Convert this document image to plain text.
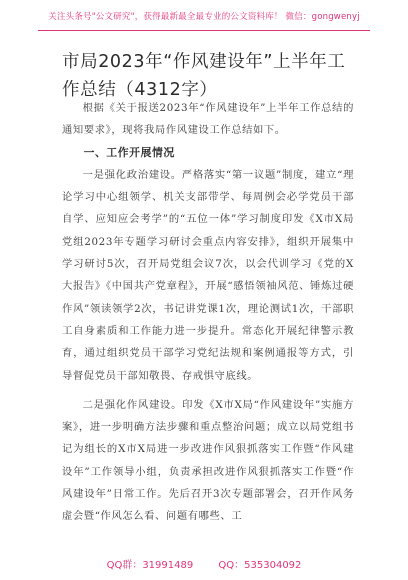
关注头条号"公文研究"，获得最新最全最专业的公文资料库！ 微信：gongwenyj
市局2023年“作风建设年”上半年工作总结（4312字）

根据《关于报送2023年“作风建设年”上半年工作总结的通知要求》，现将我局作风建设工作总结如下。

一、工作开展情况

一是强化政治建设。严格落实“第一议题”制度，建立“理论学习中心组领学、机关支部带学、每周例会必学党员干部自学、应知应会考学”的“五位一体”学习制度印发《X市X局党组2023年专题学习研讨会重点内容安排》，组织开展集中学习研讨5次，召开局党组会议7次，以会代训学习《党的X大报告》《中国共产党章程》，开展“感悟领袖风范、锤炼过硬作风”领读领学2次，书记讲党课1次，理论测试1次，干部职工自身素质和工作能力进一步提升。常态化开展纪律警示教育，通过组织党员干部学习党纪法规和案例通报等方式，引导督促党员干部知敬畏、存戒惧守底线。

二是强化作风建设。印发《X市X局“作风建设年”实施方案》，进一步明确方法步骤和重点整治问题；成立以局党组书记为组长的X市X局进一步改进作风狠抓落实工作暨“作风建设年”工作领导小组，负责承担改进作风狠抓落实工作暨“作风建设年”日常工作。先后召开3次专题部署会，召开作风务虚会暨“作风怎么看、问题有哪些、工

QQ群：31991489	QQ：535304092
